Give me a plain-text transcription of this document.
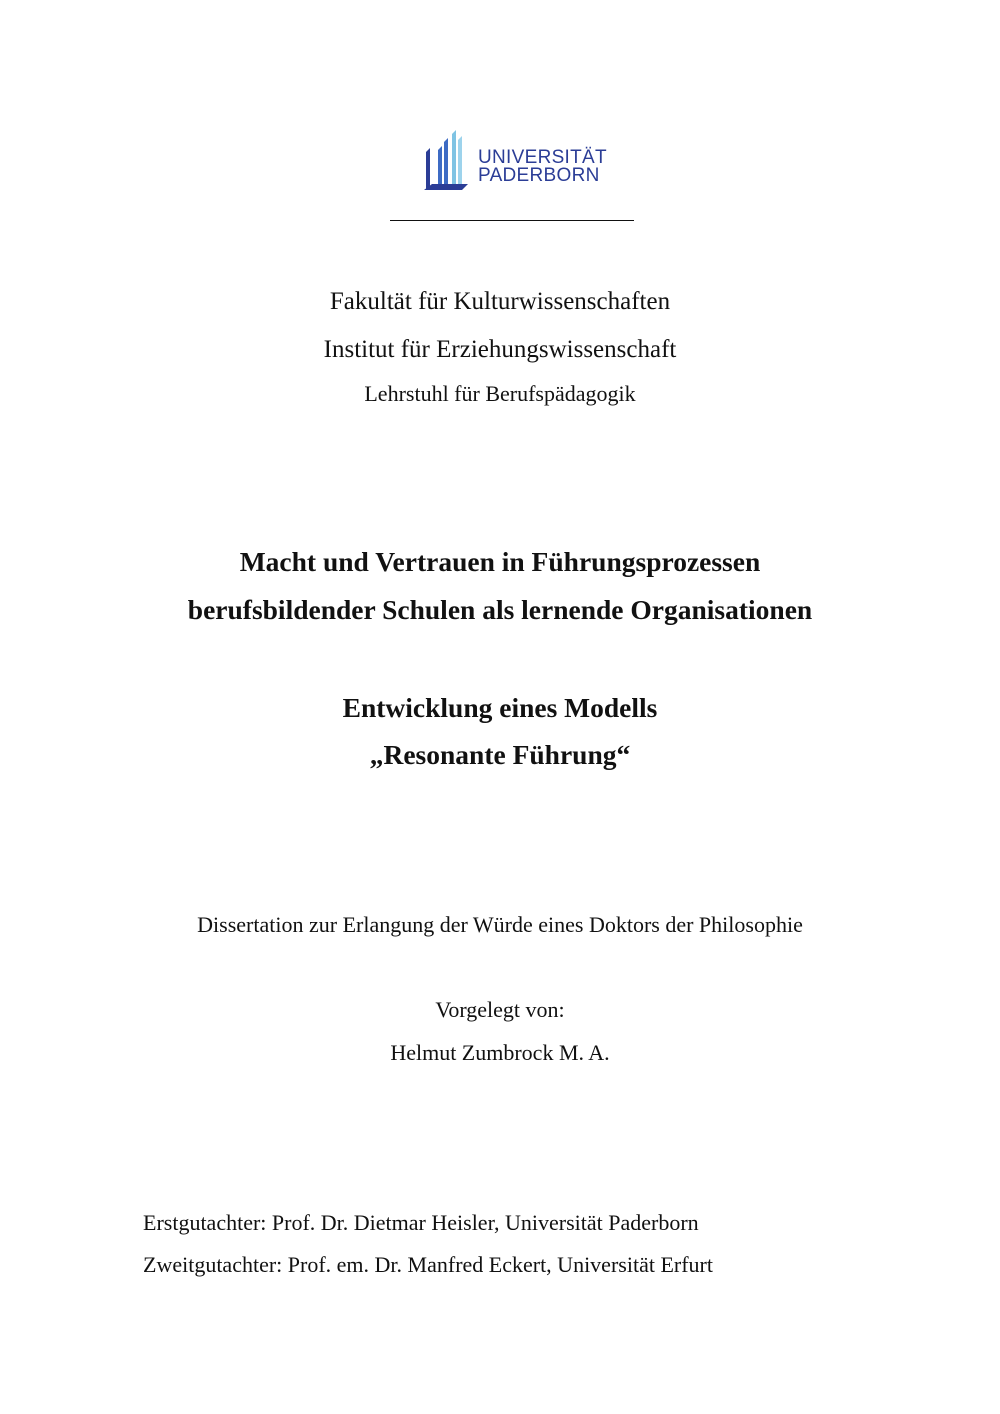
UNIVERSITÄT
PADERBORN
Fakultät für Kulturwissenschaften
Institut für Erziehungswissenschaft
Lehrstuhl für Berufspädagogik
Macht und Vertrauen in Führungsprozessen
berufsbildender Schulen als lernende Organisationen
Entwicklung eines Modells
„Resonante Führung“
Dissertation zur Erlangung der Würde eines Doktors der Philosophie
Vorgelegt von:
Helmut Zumbrock M. A.
Erstgutachter: Prof. Dr. Dietmar Heisler, Universität Paderborn
Zweitgutachter: Prof. em. Dr. Manfred Eckert, Universität Erfurt
